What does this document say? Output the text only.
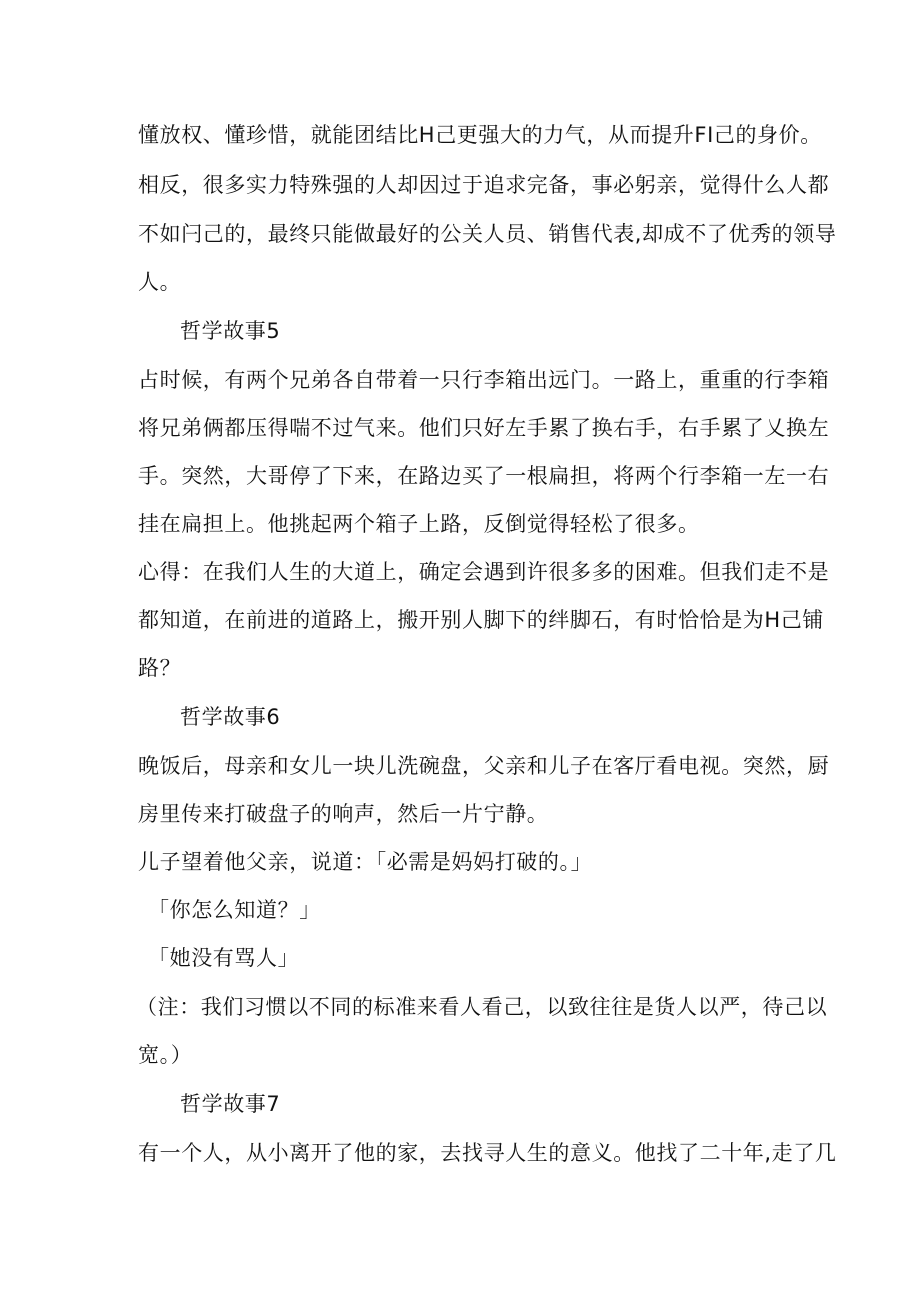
懂放权、懂珍惜，就能团结比H己更强大的力气，从而提升FI己的身价。
相反，很多实力特殊强的人却因过于追求完备，事必躬亲，觉得什么人都
不如闩己的，最终只能做最好的公关人员、销售代表,却成不了优秀的领导
人。
哲学故事5
占时候，有两个兄弟各自带着一只行李箱出远门。一路上，重重的行李箱
将兄弟俩都压得喘不过气来。他们只好左手累了换右手，右手累了乂换左
手。突然，大哥停了下来，在路边买了一根扁担，将两个行李箱一左一右
挂在扁担上。他挑起两个箱子上路，反倒觉得轻松了很多。
心得：在我们人生的大道上，确定会遇到许很多多的困难。但我们走不是
都知道，在前进的道路上，搬开别人脚下的绊脚石，有时恰恰是为H己铺
路？
哲学故事6
晚饭后，母亲和女儿一块儿洗碗盘，父亲和儿子在客厅看电视。突然，厨
房里传来打破盘子的响声，然后一片宁静。
儿子望着他父亲，说道：「必需是妈妈打破的。」
「你怎么知道？」
「她没有骂人」
（注：我们习惯以不同的标准来看人看己，以致往往是货人以严，待己以
宽。）
哲学故事7
有一个人，从小离开了他的家，去找寻人生的意义。他找了二十年,走了几
